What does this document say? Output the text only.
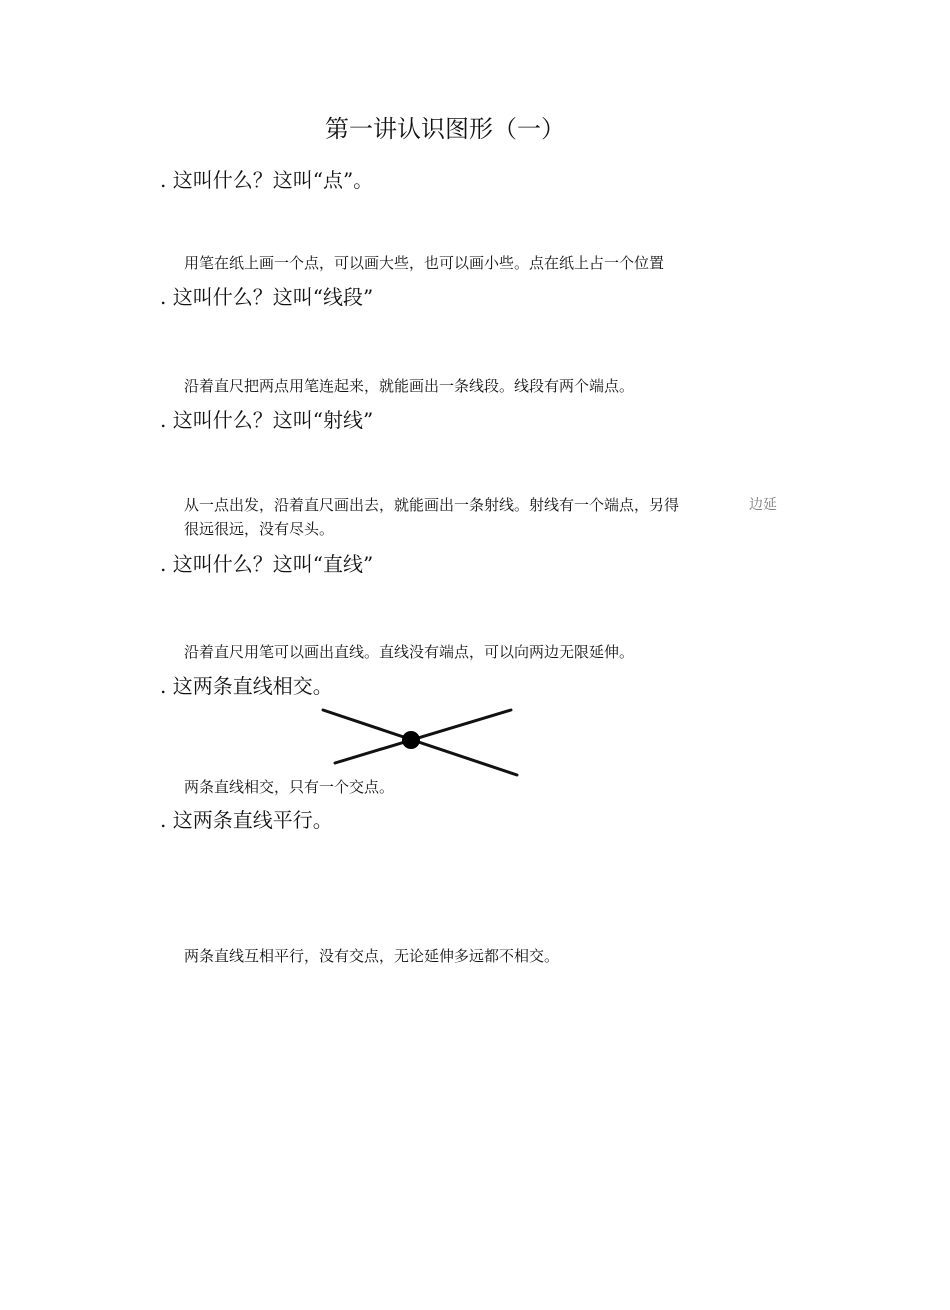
第一讲认识图形（一）
. 这叫什么？这叫“点”。
用笔在纸上画一个点，可以画大些，也可以画小些。点在纸上占一个位置
. 这叫什么？这叫“线段”
沿着直尺把两点用笔连起来，就能画出一条线段。线段有两个端点。
. 这叫什么？这叫“射线”
从一点出发，沿着直尺画出去，就能画出一条射线。射线有一个端点，另得	边延
很远很远，没有尽头。
. 这叫什么？这叫“直线”
沿着直尺用笔可以画出直线。直线没有端点，可以向两边无限延伸。
. 这两条直线相交。
两条直线相交，只有一个交点。
. 这两条直线平行。
两条直线互相平行，没有交点，无论延伸多远都不相交。
